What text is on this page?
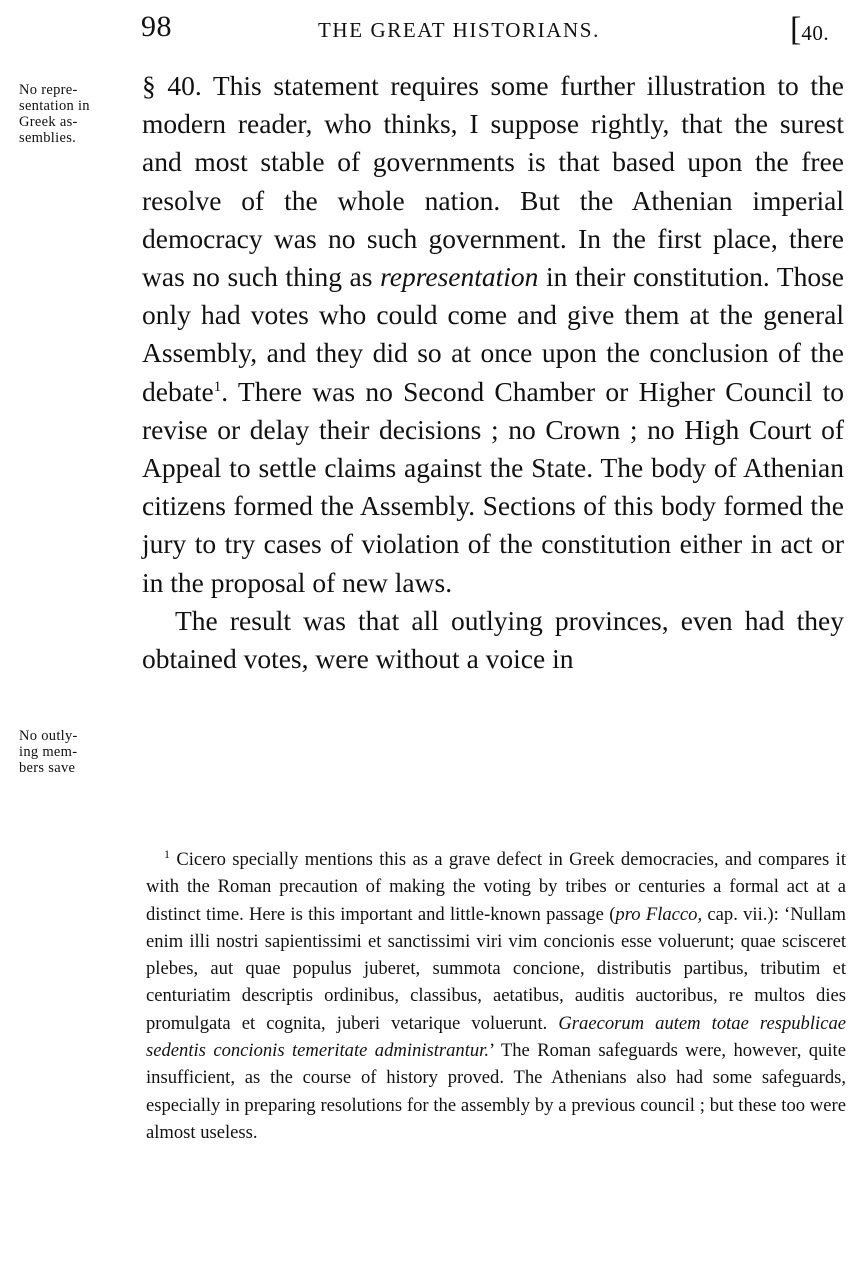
98	THE GREAT HISTORIANS.	[40.
No repre-
sentation in
Greek as-
semblies.
No outly-
ing mem-
bers save

§ 40. This statement requires some further illustration to the modern reader, who thinks, I suppose rightly, that the surest and most stable of governments is that based upon the free resolve of the whole nation. But the Athenian imperial democracy was no such government. In the first place, there was no such thing as representation in their constitution. Those only had votes who could come and give them at the general Assembly, and they did so at once upon the conclusion of the debate$^1$. There was no Second Chamber or Higher Council to revise or delay their decisions ; no Crown ; no High Court of Appeal to settle claims against the State. The body of Athenian citizens formed the Assembly. Sections of this body formed the jury to try cases of violation of the constitution either in act or in the proposal of new laws.

The result was that all outlying provinces, even had they obtained votes, were without a voice in

$^1$ Cicero specially mentions this as a grave defect in Greek democracies, and compares it with the Roman precaution of making the voting by tribes or centuries a formal act at a distinct time. Here is this important and little-known passage (pro Flacco, cap. vii.): ‘Nullam enim illi nostri sapientissimi et sanctissimi viri vim concionis esse voluerunt; quae scisceret plebes, aut quae populus juberet, summota concione, distributis partibus, tributim et centuriatim descriptis ordinibus, classibus, aetatibus, auditis auctoribus, re multos dies promulgata et cognita, juberi vetarique voluerunt. Graecorum autem totae respublicae sedentis concionis temeritate administrantur.’ The Roman safeguards were, however, quite insufficient, as the course of history proved. The Athenians also had some safeguards, especially in preparing resolutions for the assembly by a previous council ; but these too were almost useless.
